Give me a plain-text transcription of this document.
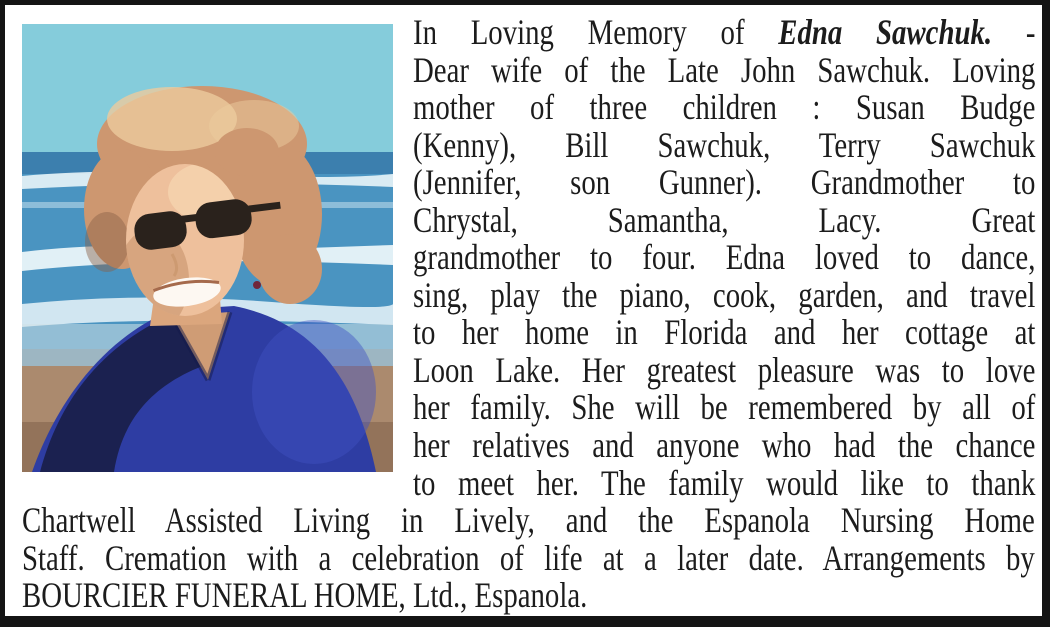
In Loving Memory of Edna Sawchuk. -
Dear wife of the Late John Sawchuk. Loving
mother of three children : Susan Budge
(Kenny), Bill Sawchuk, Terry Sawchuk
(Jennifer, son Gunner). Grandmother to
Chrystal, Samantha, Lacy. Great
grandmother to four. Edna loved to dance,
sing, play the piano, cook, garden, and travel
to her home in Florida and her cottage at
Loon Lake. Her greatest pleasure was to love
her family. She will be remembered by all of
her relatives and anyone who had the chance
to meet her. The family would like to thank
Chartwell Assisted Living in Lively, and the Espanola Nursing Home
Staff. Cremation with a celebration of life at a later date. Arrangements by
BOURCIER FUNERAL HOME, Ltd., Espanola.
